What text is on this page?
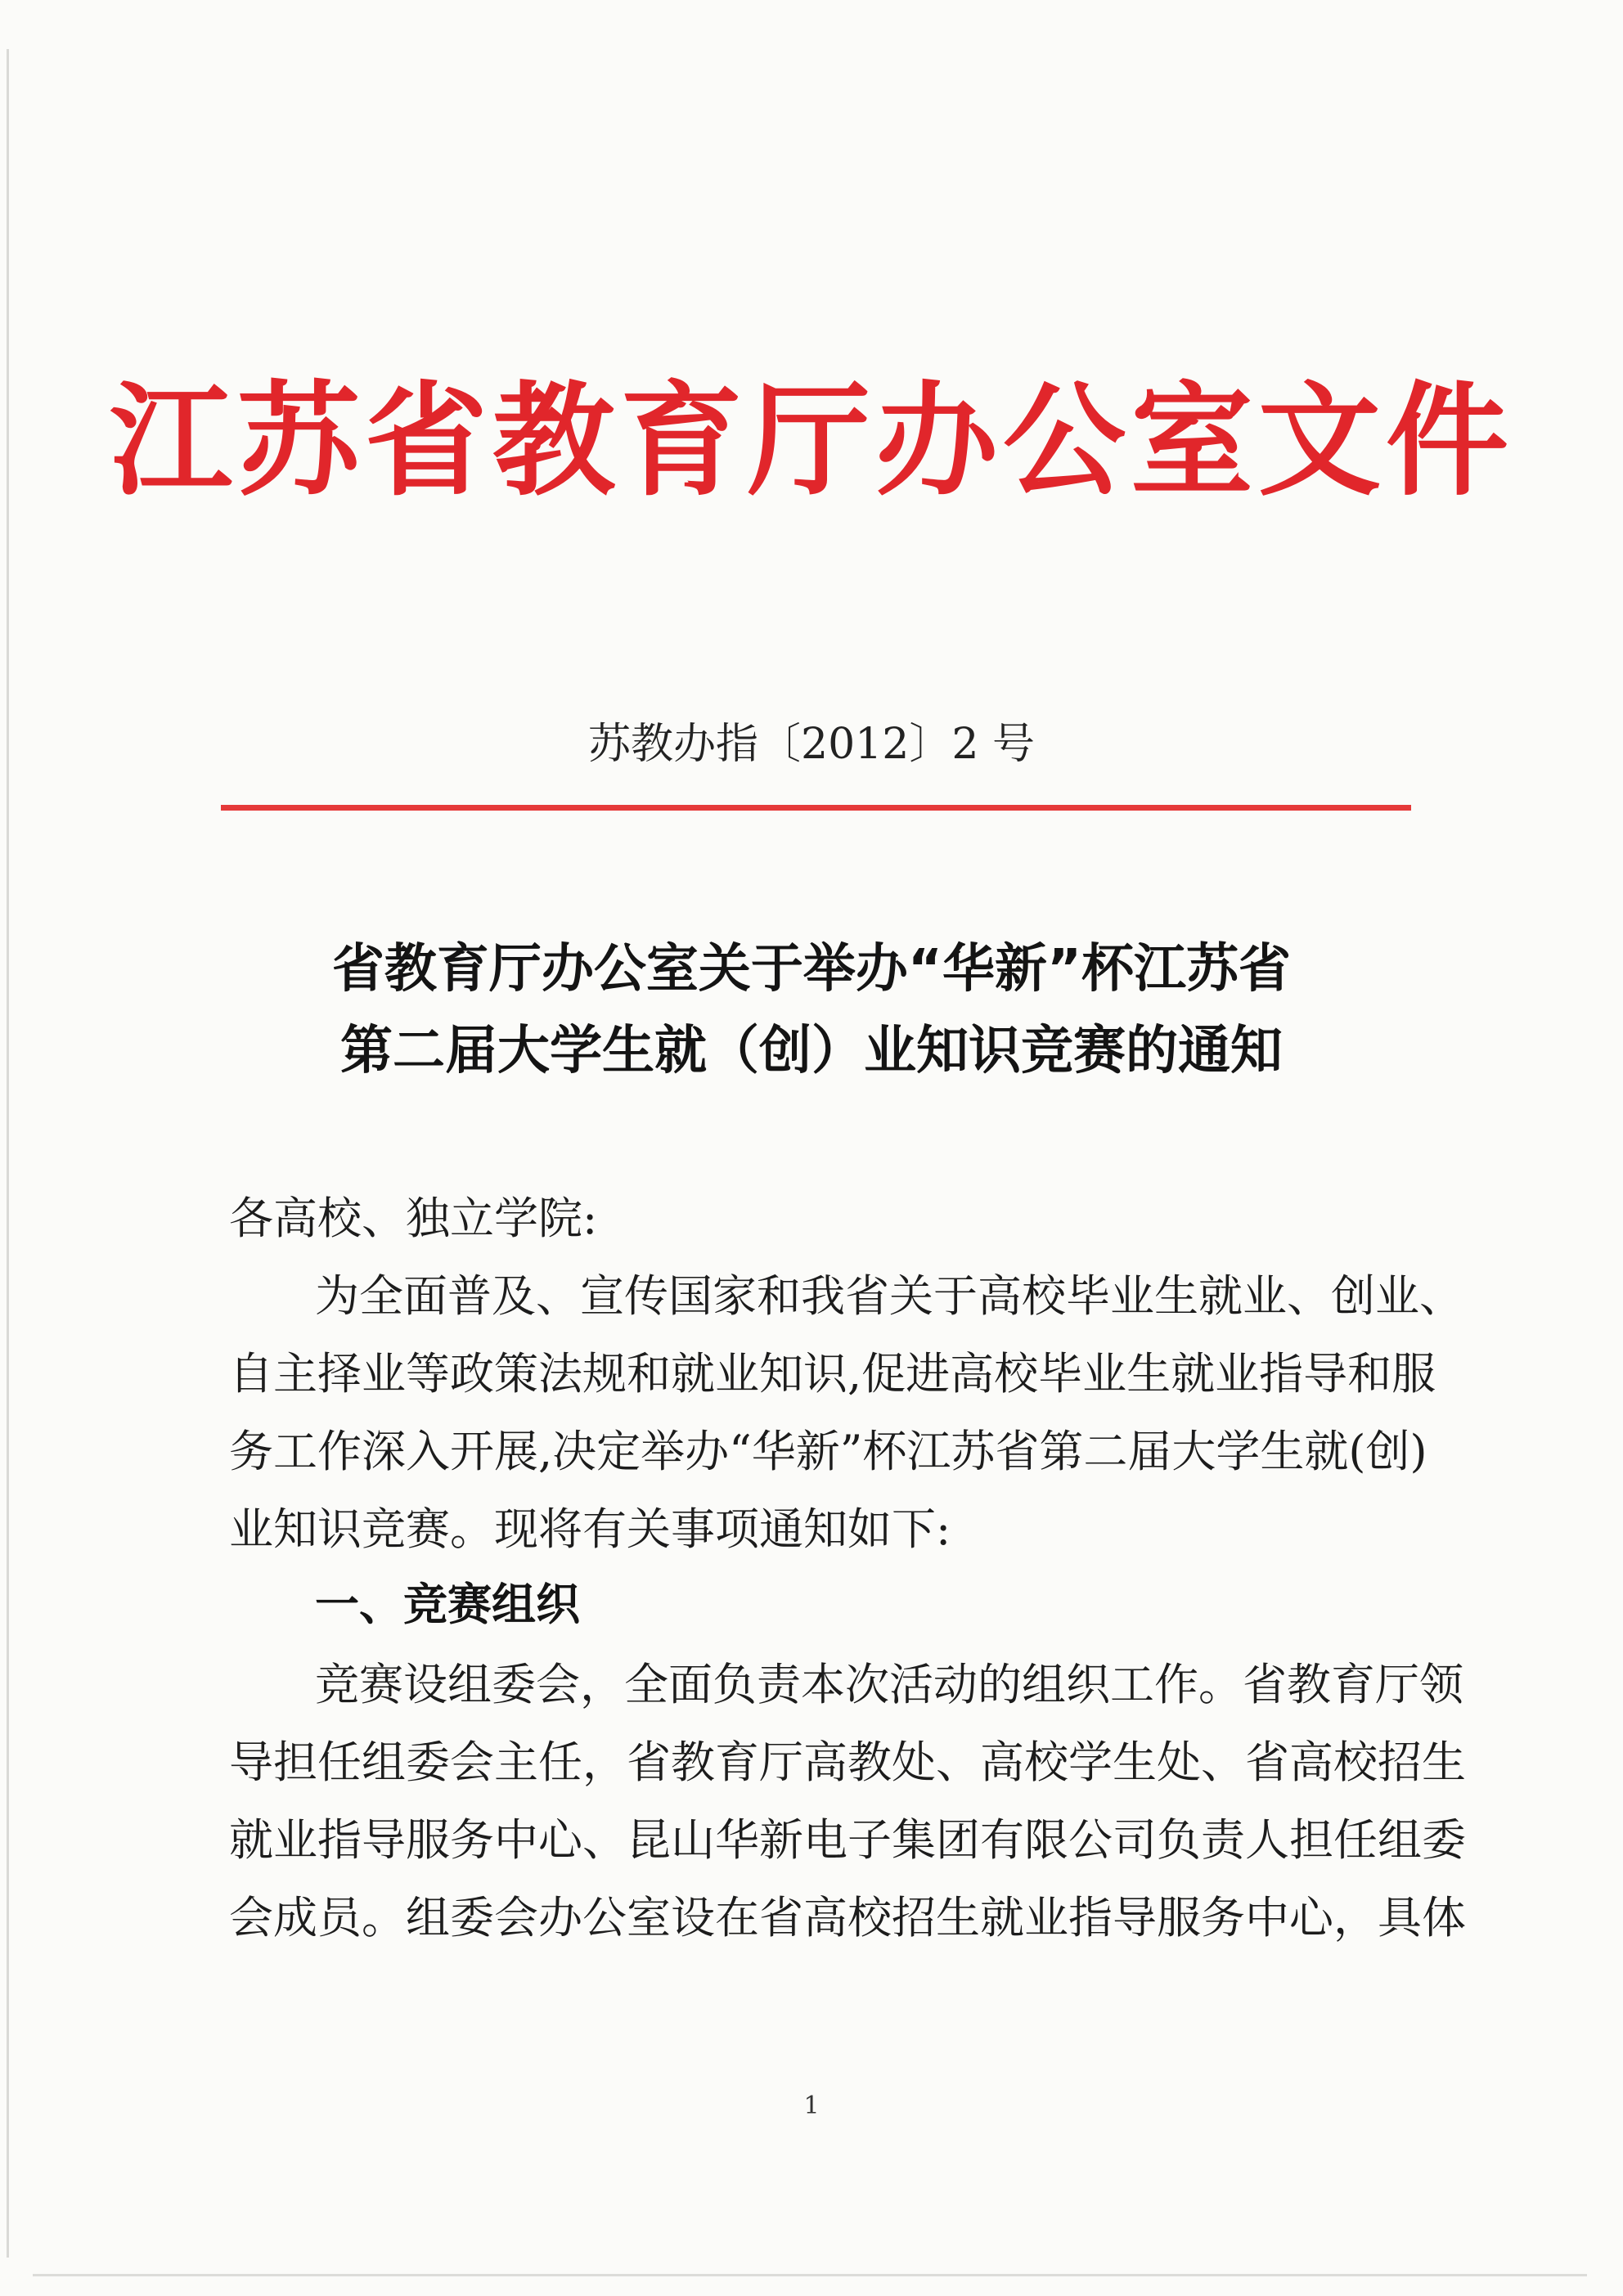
江苏省教育厅办公室文件
苏教办指〔2012〕2 号
省教育厅办公室关于举办“华新”杯江苏省
第二届大学生就（创）业知识竞赛的通知
各高校、独立学院:
为全面普及、宣传国家和我省关于高校毕业生就业、创业、
自主择业等政策法规和就业知识,促进高校毕业生就业指导和服
务工作深入开展,决定举办“华新”杯江苏省第二届大学生就(创)
业知识竞赛。现将有关事项通知如下:
一、竞赛组织
竞赛设组委会，全面负责本次活动的组织工作。省教育厅领
导担任组委会主任，省教育厅高教处、高校学生处、省高校招生
就业指导服务中心、昆山华新电子集团有限公司负责人担任组委
会成员。组委会办公室设在省高校招生就业指导服务中心，具体
1
